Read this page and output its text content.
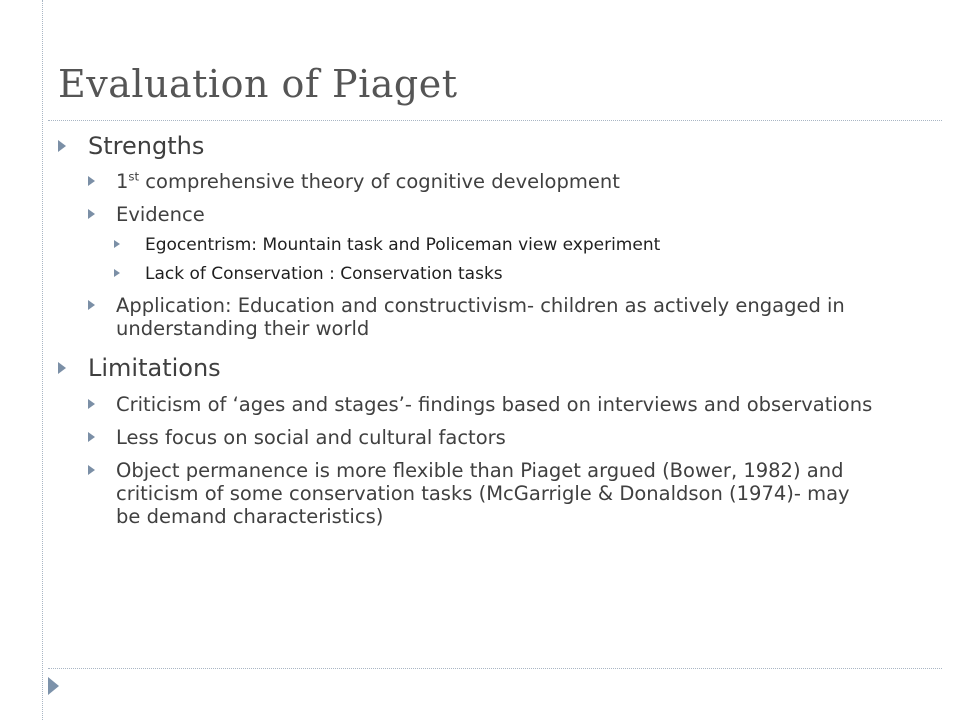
Evaluation of Piaget
Strengths
1st comprehensive theory of cognitive development
Evidence
Egocentrism: Mountain task and Policeman view experiment
Lack of Conservation : Conservation tasks
Application: Education and constructivism- children as actively engaged in understanding their world
Limitations
Criticism of ‘ages and stages’- findings based on interviews and observations
Less focus on social and cultural factors
Object permanence is more flexible than Piaget argued (Bower, 1982) and criticism of some conservation tasks (McGarrigle & Donaldson (1974)- may be demand characteristics)
